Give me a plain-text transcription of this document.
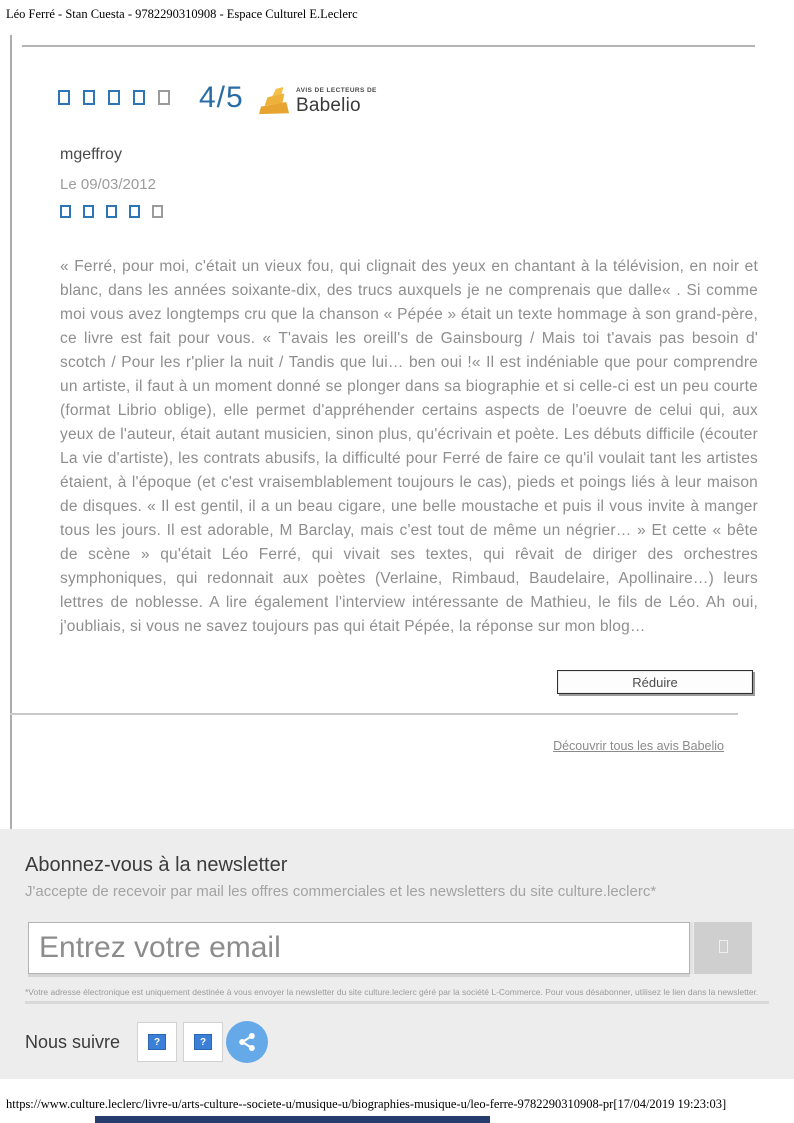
Léo Ferré - Stan Cuesta - 9782290310908 - Espace Culturel E.Leclerc
4/5	AVIS DE LECTEURS DE
Babelio
mgeffroy
Le 09/03/2012
« Ferré, pour moi, c'était un vieux fou, qui clignait des yeux en chantant à la télévision, en noir et blanc, dans les années soixante-dix, des trucs auxquels je ne comprenais que dalle« . Si comme moi vous avez longtemps cru que la chanson « Pépée » était un texte hommage à son grand-père, ce livre est fait pour vous. « T'avais les oreill's de Gainsbourg / Mais toi t'avais pas besoin d' scotch / Pour les r'plier la nuit / Tandis que lui… ben oui !« Il est indéniable que pour comprendre un artiste, il faut à un moment donné se plonger dans sa biographie et si celle-ci est un peu courte (format Librio oblige), elle permet d'appréhender certains aspects de l'oeuvre de celui qui, aux yeux de l'auteur, était autant musicien, sinon plus, qu'écrivain et poète. Les débuts difficile (écouter La vie d'artiste), les contrats abusifs, la difficulté pour Ferré de faire ce qu'il voulait tant les artistes étaient, à l'époque (et c'est vraisemblablement toujours le cas), pieds et poings liés à leur maison de disques. « Il est gentil, il a un beau cigare, une belle moustache et puis il vous invite à manger tous les jours. Il est adorable, M Barclay, mais c'est tout de même un négrier… » Et cette « bête de scène » qu'était Léo Ferré, qui vivait ses textes, qui rêvait de diriger des orchestres symphoniques, qui redonnait aux poètes (Verlaine, Rimbaud, Baudelaire, Apollinaire…) leurs lettres de noblesse. A lire également l'interview intéressante de Mathieu, le fils de Léo. Ah oui, j'oubliais, si vous ne savez toujours pas qui était Pépée, la réponse sur mon blog…
Réduire
Découvrir tous les avis Babelio
Abonnez-vous à la newsletter
J'accepte de recevoir par mail les offres commerciales et les newsletters du site culture.leclerc*
Entrez votre email
*Votre adresse électronique est uniquement destinée à vous envoyer la newsletter du site culture.leclerc géré par la société L-Commerce. Pour vous désabonner, utilisez le lien dans la newsletter.
Nous suivre	?	?
https://www.culture.leclerc/livre-u/arts-culture--societe-u/musique-u/biographies-musique-u/leo-ferre-9782290310908-pr[17/04/2019 19:23:03]
